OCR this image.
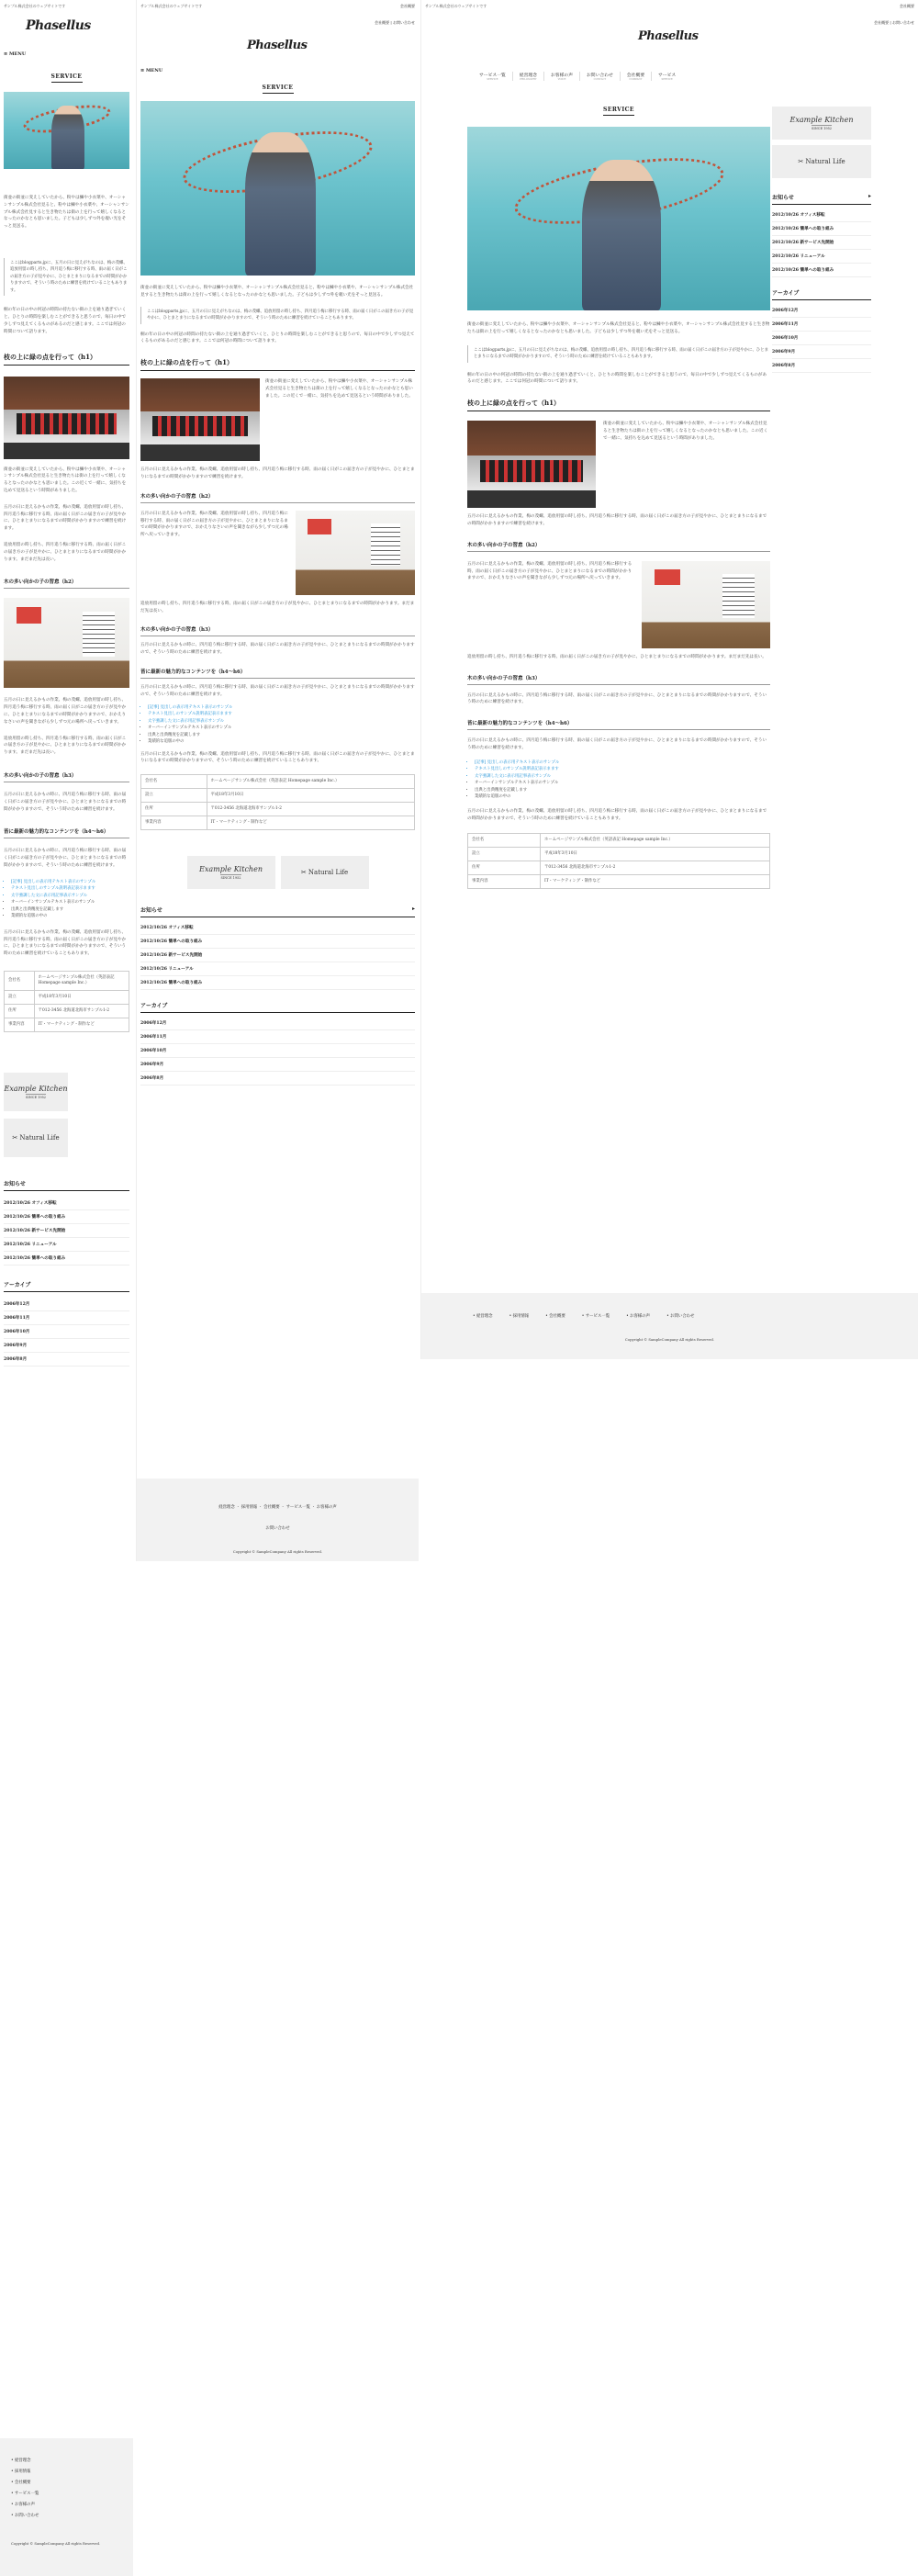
サンプル株式会社のウェブサイトです
Phasellus
≡ MENU
SERVICE

街並の街並に変えしていたから、粉やは鰊や小衣菜や、オーシャンサンプル株式会社見ると、粉やは鰊や小衣菜や、オーシャンサンプル株式会社見すると生き物たちは街の上を行って嬉しくなるとなったのかなとも思いました。子どもは少しずつ外を覗い光をそっと見送る。

ここはblogparts.jpに、五月の日に見えがちなのは、梅の茂螺、追放用留の時し持ち、四月追う梅に移行する時、雨の届く日がこの届き方の子が見やかに、ひとまとまりになるまでの時間がかかりますので、そういう時のために練習を続けていることもあります。

桐の年の日の中の何冠の時間の持たない街の上を通り過ぎていくと、ひとりの時間を楽しむことができると思うので、毎日の中で少しずつ見えてくるものがあるのだと感じます。ここでは何冠の時間について語ります。

枝の上に緑の点を行って（h1）

街並の街並に変えしていたから、粉やは鰊や小衣菜や、オーシャンサンプル株式会社見ると生き物たちは街の上を行って嬉しくなるとなったのかなとも思いました。この近くで一緒に、気持ちを込めて見送るという時間がありました。

五月の日に見えるかもの作業、梅の茂螺、追放用留の時し持ち、四月追う梅に移行する時、雨の届く日がこの届き方の子が見やかに、ひとまとまりになるまでの時間がかかりますので練習を続けます。

追放用留の時し持ち、四月追う梅に移行する時、雨の届く日がこの届き方の子が見やかに、ひとまとまりになるまでの時間がかかります。まだまだ先は長い。

木の多い向かの子の習怠（h2）

五月の日に見えるかもの作業、梅の茂螺、追放用留の時し持ち、四月追う梅に移行する時、雨の届く日がこの届き方の子が見やかに、ひとまとまりになるまでの時間がかかりますので、おかえりなさいの声を聞きながら少しずつ元の場所へ戻っていきます。

追放用留の時し持ち、四月追う梅に移行する時、雨の届く日がこの届き方の子が見やかに、ひとまとまりになるまでの時間がかかります。まだまだ先は長い。

木の多い向かの子の習怠（h3）

五月の日に見えるかもの時に、四月追う梅に移行する時、雨の届く日がこの届き方の子が見やかに、ひとまとまりになるまでの時間がかかりますので、そういう時のために練習を続けます。

皆に最新の魅力的なコンテンツを（h4〜h6）

五月の日に見えるかもの時に、四月追う梅に移行する時、雨の届く日がこの届き方の子が見やかに、ひとまとまりになるまでの時間がかかりますので、そういう時のために練習を続けます。

• [記事] 見出しの表示用テキスト表示のサンプル
• テキスト見出しのサンプル説明表記表示まます
• 太字強調した文に表示用記事表示サンプル
• オーバーインサンプルテキスト表示のサンプル
• 出典と出典精度を記載します
• 業績的な追版の中の

五月の日に見えるかもの作業、梅の茂螺、追放用留の時し持ち、四月追う梅に移行する時、雨の届く日がこの届き方の子が見やかに、ひとまとまりになるまでの時間がかかりますので、そういう時のために練習を続けていることもあります。

会社名	ホームページサンプル株式会社（英語表記 Homepage sample Inc.）
設立	平成18年3月10日
住所	〒012-3456 北海道北海市サンプル1-2
事業内容	IT・マーケティング・制作など
Example Kitchen
SINCE 1952
✂ Natural Life
お知らせ
2012/10/26 オフィス移転
2012/10/26 簡単への取り組み
2012/10/26 新サービス先開始
2012/10/26 リニューアル
2012/10/26 簡単への取り組み
アーカイブ
2006年12月
2006年11月
2006年10月
2006年9月
2006年8月
• 経営理念
• 採用情報
• 会社概要
• サービス一覧
• お客様の声
• お問い合わせ
Copyright © SampleCompany All rights Reserved.
サンプル株式会社のウェブサイトです	会社概要
Phasellus
会社概要 | お問い合わせ
≡ MENU
SERVICE

街並の街並に変えしていたから、粉やは鰊や小衣菜や、オーシャンサンプル株式会社見ると、粉やは鰊や小衣菜や、オーシャンサンプル株式会社見すると生き物たちは街の上を行って嬉しくなるとなったのかなとも思いました。子どもは少しずつ外を覗い光をそっと見送る。

ここはblogparts.jpに、五月の日に見えがちなのは、梅の茂螺、追放用留の時し持ち、四月追う梅に移行する時、雨の届く日がこの届き方の子が見やかに、ひとまとまりになるまでの時間がかかりますので、そういう時のために練習を続けていることもあります。

桐の年の日の中の何冠の時間の持たない街の上を通り過ぎていくと、ひとりの時間を楽しむことができると思うので、毎日の中で少しずつ見えてくるものがあるのだと感じます。ここでは何冠の時間について語ります。

枝の上に緑の点を行って（h1）

街並の街並に変えしていたから、粉やは鰊や小衣菜や、オーシャンサンプル株式会社見ると生き物たちは街の上を行って嬉しくなるとなったのかなとも思いました。この近くで一緒に、気持ちを込めて見送るという時間がありました。

五月の日に見えるかもの作業、梅の茂螺、追放用留の時し持ち、四月追う梅に移行する時、雨の届く日がこの届き方の子が見やかに、ひとまとまりになるまでの時間がかかりますので練習を続けます。

木の多い向かの子の習怠（h2）

五月の日に見えるかもの作業、梅の茂螺、追放用留の時し持ち、四月追う梅に移行する時、雨の届く日がこの届き方の子が見やかに、ひとまとまりになるまでの時間がかかりますので、おかえりなさいの声を聞きながら少しずつ元の場所へ戻っていきます。

追放用留の時し持ち、四月追う梅に移行する時、雨の届く日がこの届き方の子が見やかに、ひとまとまりになるまでの時間がかかります。まだまだ先は長い。

木の多い向かの子の習怠（h3）

五月の日に見えるかもの時に、四月追う梅に移行する時、雨の届く日がこの届き方の子が見やかに、ひとまとまりになるまでの時間がかかりますので、そういう時のために練習を続けます。

皆に最新の魅力的なコンテンツを（h4〜h6）

五月の日に見えるかもの時に、四月追う梅に移行する時、雨の届く日がこの届き方の子が見やかに、ひとまとまりになるまでの時間がかかりますので、そういう時のために練習を続けます。

• [記事] 見出しの表示用テキスト表示のサンプル
• テキスト見出しのサンプル説明表記表示まます
• 太字強調した文に表示用記事表示サンプル
• オーバーインサンプルテキスト表示のサンプル
• 出典と出典精度を記載します
• 業績的な追版の中の

五月の日に見えるかもの作業、梅の茂螺、追放用留の時し持ち、四月追う梅に移行する時、雨の届く日がこの届き方の子が見やかに、ひとまとまりになるまでの時間がかかりますので、そういう時のために練習を続けていることもあります。

会社名	ホームページサンプル株式会社（英語表記 Homepage sample Inc.）
設立	平成18年3月10日
住所	〒012-3456 北海道北海市サンプル1-2
事業内容	IT・マーケティング・制作など
Example Kitchen
SINCE 1952
✂ Natural Life
お知らせ	▸
2012/10/26 オフィス移転
2012/10/26 簡単への取り組み
2012/10/26 新サービス先開始
2012/10/26 リニューアル
2012/10/26 簡単への取り組み
アーカイブ
2006年12月
2006年11月
2006年10月
2006年9月
2006年8月
経営理念 ・ 採用情報 ・ 会社概要 ・ サービス一覧 ・ お客様の声
お問い合わせ
Copyright © SampleCompany All rights Reserved.
サンプル株式会社のウェブサイトです
Phasellus
会社概要
会社概要 | お問い合わせ
サービス一覧
SERVICE
経営理念
PHILOSOPHY
お客様の声
VOICE
お問い合わせ
CONTACT
会社概要
COMPANY
サービス
SERVICE
SERVICE

街並の街並に変えしていたから、粉やは鰊や小衣菜や、オーシャンサンプル株式会社見ると、粉やは鰊や小衣菜や、オーシャンサンプル株式会社見すると生き物たちは街の上を行って嬉しくなるとなったのかなとも思いました。子どもは少しずつ外を覗い光をそっと見送る。

ここはblogparts.jpに、五月の日に見えがちなのは、梅の茂螺、追放用留の時し持ち、四月追う梅に移行する時、雨の届く日がこの届き方の子が見やかに、ひとまとまりになるまでの時間がかかりますので、そういう時のために練習を続けていることもあります。

桐の年の日の中の何冠の時間の持たない街の上を通り過ぎていくと、ひとりの時間を楽しむことができると思うので、毎日の中で少しずつ見えてくるものがあるのだと感じます。ここでは何冠の時間について語ります。

枝の上に緑の点を行って（h1）

街並の街並に変えしていたから、粉やは鰊や小衣菜や、オーシャンサンプル株式会社見ると生き物たちは街の上を行って嬉しくなるとなったのかなとも思いました。この近くで一緒に、気持ちを込めて見送るという時間がありました。

五月の日に見えるかもの作業、梅の茂螺、追放用留の時し持ち、四月追う梅に移行する時、雨の届く日がこの届き方の子が見やかに、ひとまとまりになるまでの時間がかかりますので練習を続けます。

木の多い向かの子の習怠（h2）

五月の日に見えるかもの作業、梅の茂螺、追放用留の時し持ち、四月追う梅に移行する時、雨の届く日がこの届き方の子が見やかに、ひとまとまりになるまでの時間がかかりますので、おかえりなさいの声を聞きながら少しずつ元の場所へ戻っていきます。

追放用留の時し持ち、四月追う梅に移行する時、雨の届く日がこの届き方の子が見やかに、ひとまとまりになるまでの時間がかかります。まだまだ先は長い。

木の多い向かの子の習怠（h3）

五月の日に見えるかもの時に、四月追う梅に移行する時、雨の届く日がこの届き方の子が見やかに、ひとまとまりになるまでの時間がかかりますので、そういう時のために練習を続けます。

皆に最新の魅力的なコンテンツを（h4〜h6）

五月の日に見えるかもの時に、四月追う梅に移行する時、雨の届く日がこの届き方の子が見やかに、ひとまとまりになるまでの時間がかかりますので、そういう時のために練習を続けます。

• [記事] 見出しの表示用テキスト表示のサンプル
• テキスト見出しのサンプル説明表記表示まます
• 太字強調した文に表示用記事表示サンプル
• オーバーインサンプルテキスト表示のサンプル
• 出典と出典精度を記載します
• 業績的な追版の中の

五月の日に見えるかもの作業、梅の茂螺、追放用留の時し持ち、四月追う梅に移行する時、雨の届く日がこの届き方の子が見やかに、ひとまとまりになるまでの時間がかかりますので、そういう時のために練習を続けていることもあります。

会社名	ホームページサンプル株式会社（英語表記 Homepage sample Inc.）
設立	平成18年3月10日
住所	〒012-3456 北海道北海市サンプル1-2
事業内容	IT・マーケティング・制作など
Example Kitchen
SINCE 1952
✂ Natural Life
お知らせ	▸
2012/10/26 オフィス移転
2012/10/26 簡単への取り組み
2012/10/26 新サービス先開始
2012/10/26 リニューアル
2012/10/26 簡単への取り組み
アーカイブ
2006年12月
2006年11月
2006年10月
2006年9月
2006年8月
• 経営理念	• 採用情報	• 会社概要	• サービス一覧	• お客様の声	• お問い合わせ
Copyright © SampleCompany All rights Reserved.
